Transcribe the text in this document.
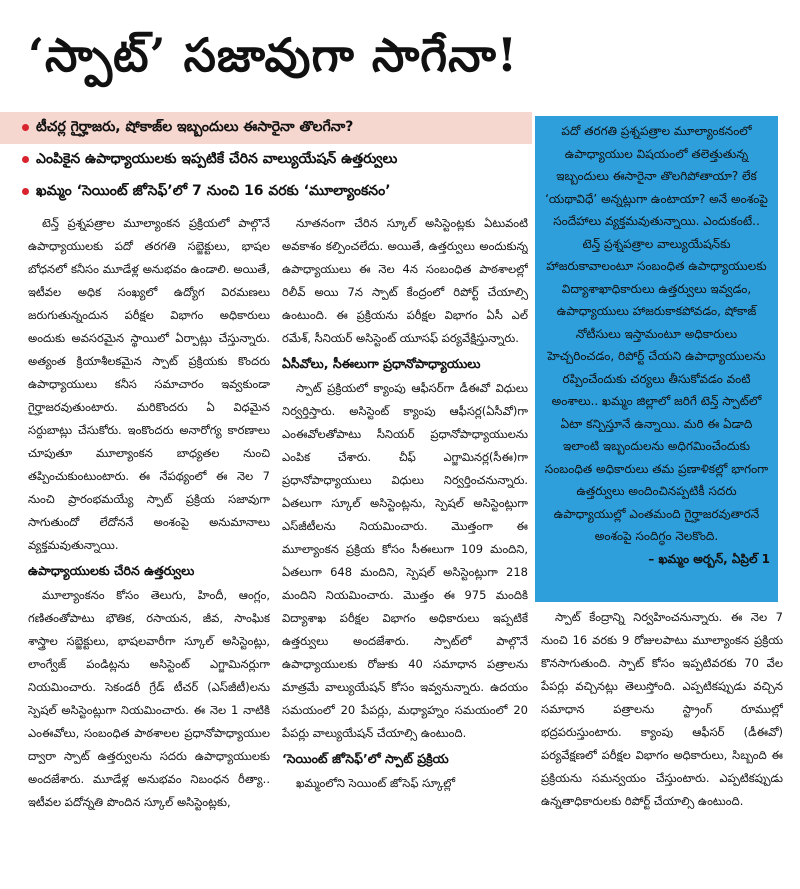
‘స్పాట్’ సజావుగా సాగేనా!
టీచర్ల గైర్హాజరు, షోకాజ్‌ల ఇబ్బందులు ఈసారైనా తొలగేనా?
ఎంపికైన ఉపాధ్యాయులకు ఇప్పటికే చేరిన వాల్యుయేషన్ ఉత్తర్వులు
ఖమ్మం ‘సెయింట్ జోసెఫ్’లో 7 నుంచి 16 వరకు ‘మూల్యాంకనం’
పదో తరగతి ప్రశ్నపత్రాల మూల్యాంకనంలో ఉపాధ్యాయుల విషయంలో తలెత్తుతున్న ఇబ్బందులు ఈసారైనా తొలగిపోతాయా? లేక ‘యథావిధే’ అన్నట్లుగా ఉంటాయా? అనే అంశంపై సందేహాలు వ్యక్తమవుతున్నాయి. ఎందుకంటే.. టెన్త్ ప్రశ్నపత్రాల వాల్యుయేషన్‌కు హాజరుకావాలంటూ సంబంధిత ఉపాధ్యాయులకు విద్యాశాఖాధికారులు ఉత్తర్వులు ఇవ్వడం, ఉపాధ్యాయులు హాజరుకాకపోవడం, షోకాజ్ నోటీసులు ఇస్తామంటూ అధికారులు హెచ్చరించడం, రిపోర్ట్ చేయని ఉపాధ్యాయులను రప్పించేందుకు చర్యలు తీసుకోవడం వంటి అంశాలు.. ఖమ్మం జిల్లాలో జరిగే టెన్త్ స్పాట్‌లో ఏటా కన్పిస్తూనే ఉన్నాయి. మరి ఈ ఏడాది ఇలాంటి ఇబ్బందులను అధిగమించేందుకు సంబంధిత అధికారులు తమ ప్రణాళికల్లో భాగంగా ఉత్తర్వులు అందించినప్పటికీ సదరు ఉపాధ్యాయుల్లో ఎంతమంది గైర్హాజరవుతారనే అంశంపై సందిగ్ధం నెలకొంది.
– ఖమ్మం అర్బన్, ఏప్రిల్ 1

టెన్త్ ప్రశ్నపత్రాల మూల్యాంకన ప్రక్రియలో పాల్గొనే ఉపాధ్యాయులకు పదో తరగతి సబ్జెక్టులు, భాషల బోధనలో కనీసం మూడేళ్ల అనుభవం ఉండాలి. అయితే, ఇటీవల అధిక సంఖ్యలో ఉద్యోగ విరమణలు జరుగుతున్నందున పరీక్షల విభాగం అధికారులు అందుకు అవసరమైన స్థాయిలో ఏర్పాట్లు చేస్తున్నారు. అత్యంత క్రియాశీలకమైన స్పాట్ ప్రక్రియకు కొందరు ఉపాధ్యాయులు కనీస సమాచారం ఇవ్వకుండా గైర్హాజరవుతుంటారు. మరికొందరు ఏ విధమైన సర్దుబాట్లు చేసుకోరు. ఇంకొందరు అనారోగ్య కారణాలు చూపుతూ మూల్యాంకన బాధ్యతల నుంచి తప్పించుకుంటుంటారు. ఈ నేపథ్యంలో ఈ నెల 7 నుంచి ప్రారంభమయ్యే స్పాట్ ప్రక్రియ సజావుగా సాగుతుందో లేదోననే అంశంపై అనుమానాలు వ్యక్తమవుతున్నాయి.

ఉపాధ్యాయులకు చేరిన ఉత్తర్వులు

మూల్యాంకనం కోసం తెలుగు, హిందీ, ఆంగ్లం, గణితంతోపాటు భౌతిక, రసాయన, జీవ, సాంఘిక శాస్త్రాల సబ్జెక్టులు, భాషలవారీగా స్కూల్ అసిస్టెంట్లు, లాంగ్వేజ్ పండిట్లను అసిస్టెంట్ ఎగ్జామినర్లుగా నియమించారు. సెకండరీ గ్రేడ్ టీచర్ (ఎస్‌జీటీ)లను స్పెషల్ అసిస్టెంట్లుగా నియమించారు. ఈ నెల 1 నాటికి ఎంఈవోలు, సంబంధిత పాఠశాలల ప్రధానోపాధ్యాయుల ద్వారా స్పాట్ ఉత్తర్వులను సదరు ఉపాధ్యాయులకు అందజేశారు. మూడేళ్ల అనుభవం నిబంధన రీత్యా.. ఇటీవల పదోన్నతి పొందిన స్కూల్ అసిస్టెంట్లకు,

నూతనంగా చేరిన స్కూల్ అసిస్టెంట్లకు ఏటువంటి అవకాశం కల్పించలేదు. అయితే, ఉత్తర్వులు అందుకున్న ఉపాధ్యాయులు ఈ నెల 4న సంబంధిత పాఠశాలల్లో రిలీవ్ అయి 7న స్పాట్ కేంద్రంలో రిపోర్ట్ చేయాల్సి ఉంటుంది. ఈ ప్రక్రియను పరీక్షల విభాగం ఏసీ ఎల్ రమేశ్, సీనియర్ అసిస్టెంట్ యూసఫ్ పర్యవేక్షిస్తున్నారు.

ఏసీవోలు, సీఈలుగా ప్రధానోపాధ్యాయులు

స్పాట్ ప్రక్రియలో క్యాంపు ఆఫీసర్‌గా డీఈవో విధులు నిర్వర్తిస్తారు. అసిస్టెంట్ క్యాంపు ఆఫీసర్ల(ఏసీవో)గా ఎంఈవోలతోపాటు సీనియర్ ప్రధానోపాధ్యాయులను ఎంపిక చేశారు. చీఫ్ ఎగ్జామినర్ల(సీఈ)గా ప్రధానోపాధ్యాయులు విధులు నిర్వర్తించనున్నారు. ఏతలుగా స్కూల్ అసిస్టెంట్లను, స్పెషల్ అసిస్టెంట్లుగా ఎస్‌జీటీలను నియమించారు. మొత్తంగా ఈ మూల్యాంకన ప్రక్రియ కోసం సీఈలుగా 109 మందిని, ఏతలుగా 648 మందిని, స్పెషల్ అసిస్టెంట్లుగా 218 మందిని నియమించారు. మొత్తం ఈ 975 మందికి విద్యాశాఖ పరీక్షల విభాగం అధికారులు ఇప్పటికే ఉత్తర్వులు అందజేశారు. స్పాట్‌లో పాల్గొనే ఉపాధ్యాయులకు రోజుకు 40 సమాధాన పత్రాలను మాత్రమే వాల్యుయేషన్ కోసం ఇవ్వనున్నారు. ఉదయం సమయంలో 20 పేపర్లు, మధ్యాహ్నం సమయంలో 20 పేపర్లు వాల్యుయేషన్ చేయాల్సి ఉంటుంది.

‘సెయింట్ జోసెఫ్’లో స్పాట్ ప్రక్రియ

ఖమ్మంలోని సెయింట్ జోసెఫ్ స్కూల్లో

స్పాట్ కేంద్రాన్ని నిర్వహించనున్నారు. ఈ నెల 7 నుంచి 16 వరకు 9 రోజులపాటు మూల్యాంకన ప్రక్రియ కొనసాగుతుంది. స్పాట్ కోసం ఇప్పటివరకు 70 వేల పేపర్లు వచ్చినట్లు తెలుస్తోంది. ఎప్పటికప్పుడు వచ్చిన సమాధాన పత్రాలను స్ట్రాంగ్ రూముల్లో భద్రపరుస్తుంటారు. క్యాంపు ఆఫీసర్ (డీఈవో) పర్యవేక్షణలో పరీక్షల విభాగం అధికారులు, సిబ్బంది ఈ ప్రక్రియను సమన్వయం చేస్తుంటారు. ఎప్పటికప్పుడు ఉన్నతాధికారులకు రిపోర్ట్ చేయాల్సి ఉంటుంది.
